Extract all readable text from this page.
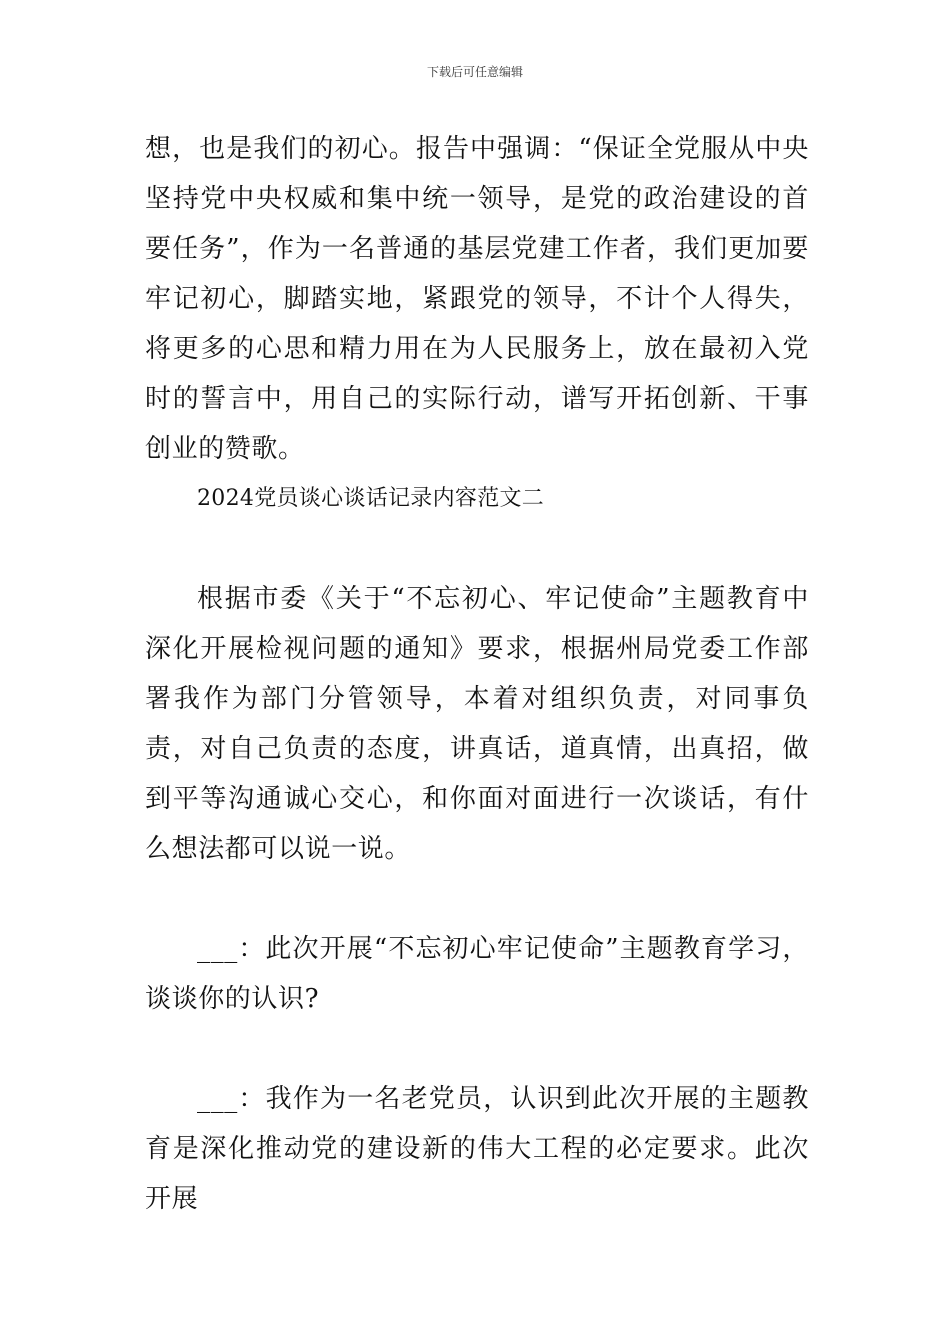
下载后可任意编辑

想，也是我们的初心。报告中强调：“保证全党服从中央坚持党中央权威和集中统一领导，是党的政治建设的首要任务”，作为一名普通的基层党建工作者，我们更加要牢记初心，脚踏实地，紧跟党的领导，不计个人得失，将更多的心思和精力用在为人民服务上，放在最初入党时的誓言中，用自己的实际行动，谱写开拓创新、干事创业的赞歌。

2024党员谈心谈话记录内容范文二

根据市委《关于“不忘初心、牢记使命”主题教育中深化开展检视问题的通知》要求，根据州局党委工作部署我作为部门分管领导，本着对组织负责，对同事负责，对自己负责的态度，讲真话，道真情，出真招，做到平等沟通诚心交心，和你面对面进行一次谈话，有什么想法都可以说一说。

___：此次开展“不忘初心牢记使命”主题教育学习，谈谈你的认识?

___：我作为一名老党员，认识到此次开展的主题教育是深化推动党的建设新的伟大工程的必定要求。此次开展
